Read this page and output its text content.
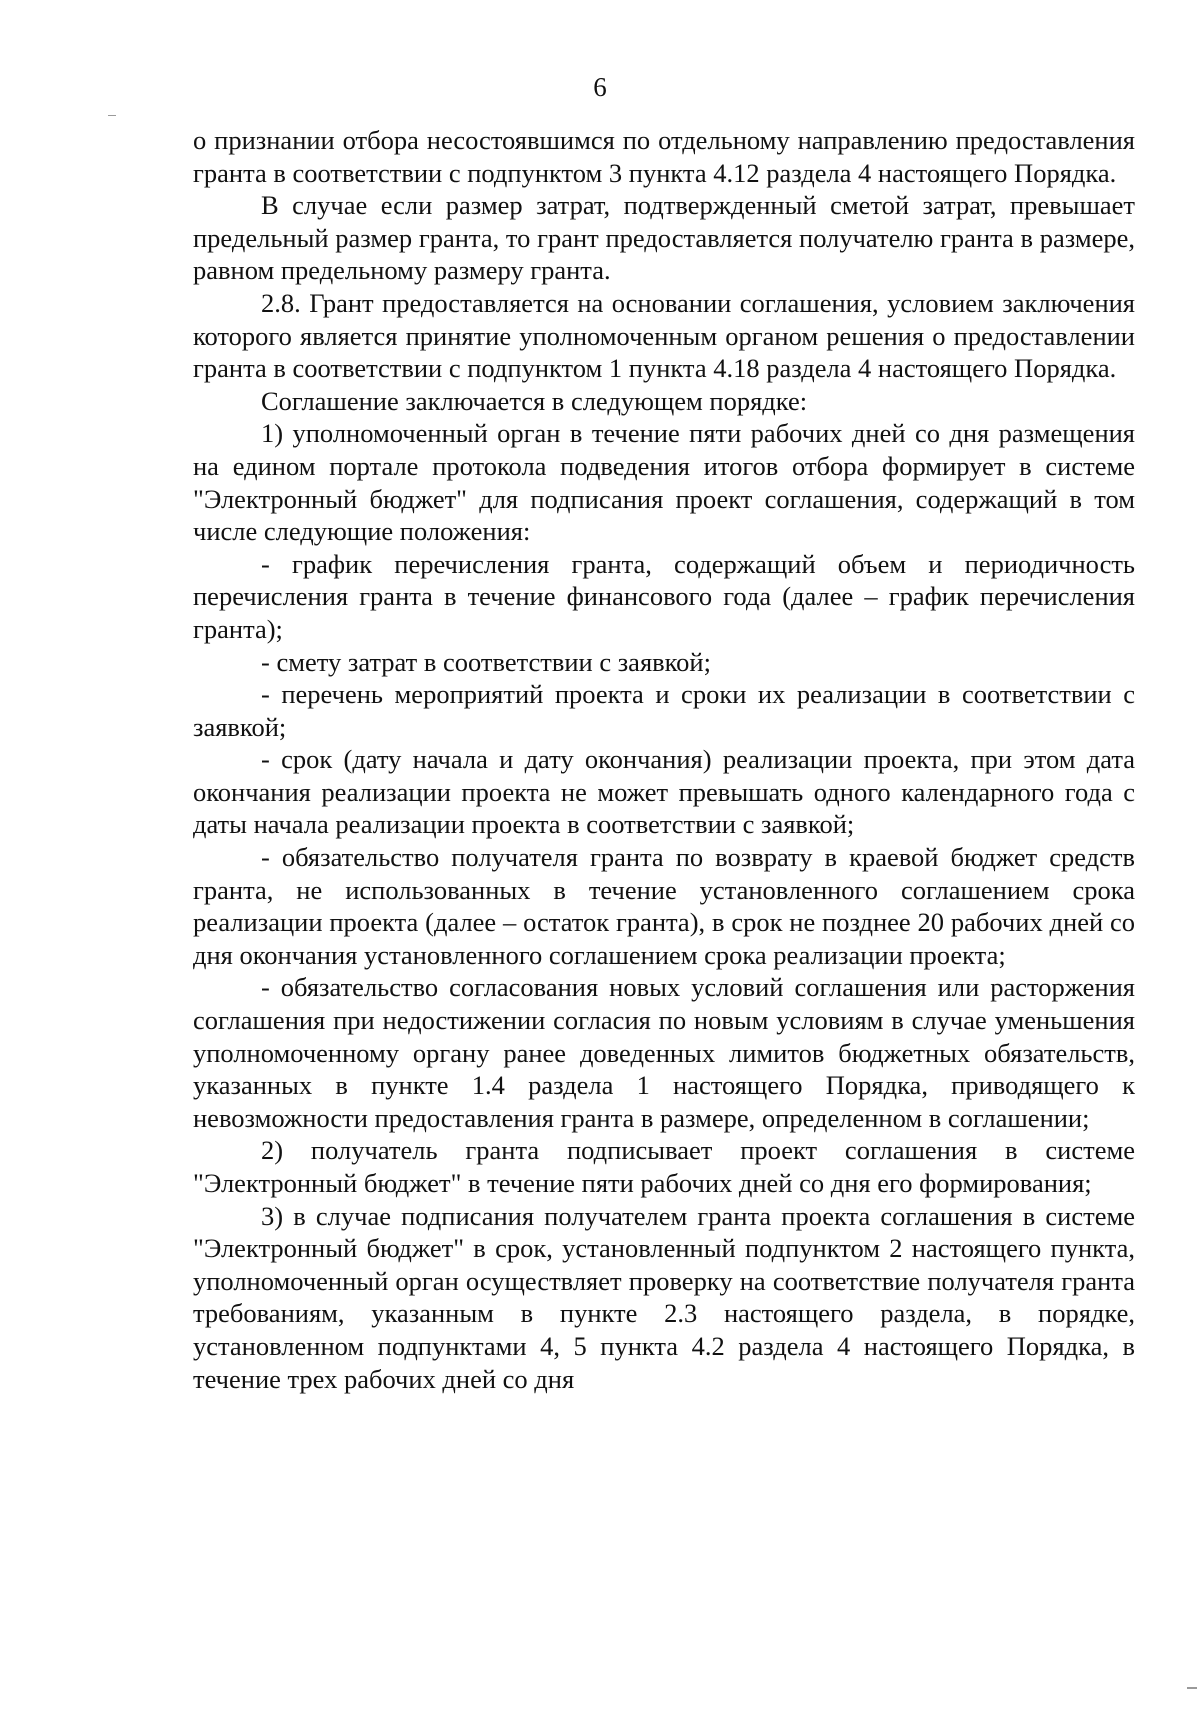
6

о признании отбора несостоявшимся по отдельному направлению предоставления гранта в соответствии с подпунктом 3 пункта 4.12 раздела 4 настоящего Порядка.

В случае если размер затрат, подтвержденный сметой затрат, превышает предельный размер гранта, то грант предоставляется получателю гранта в размере, равном предельному размеру гранта.

2.8. Грант предоставляется на основании соглашения, условием заключения которого является принятие уполномоченным органом решения о предоставлении гранта в соответствии с подпунктом 1 пункта 4.18 раздела 4 настоящего Порядка.

Соглашение заключается в следующем порядке:

1) уполномоченный орган в течение пяти рабочих дней со дня размещения на едином портале протокола подведения итогов отбора формирует в системе "Электронный бюджет" для подписания проект соглашения, содержащий в том числе следующие положения:

- график перечисления гранта, содержащий объем и периодичность перечисления гранта в течение финансового года (далее – график перечисления гранта);

- смету затрат в соответствии с заявкой;

- перечень мероприятий проекта и сроки их реализации в соответствии с заявкой;

- срок (дату начала и дату окончания) реализации проекта, при этом дата окончания реализации проекта не может превышать одного календарного года с даты начала реализации проекта в соответствии с заявкой;

- обязательство получателя гранта по возврату в краевой бюджет средств гранта, не использованных в течение установленного соглашением срока реализации проекта (далее – остаток гранта), в срок не позднее 20 рабочих дней со дня окончания установленного соглашением срока реализации проекта;

- обязательство согласования новых условий соглашения или расторжения соглашения при недостижении согласия по новым условиям в случае уменьшения уполномоченному органу ранее доведенных лимитов бюджетных обязательств, указанных в пункте 1.4 раздела 1 настоящего Порядка, приводящего к невозможности предоставления гранта в размере, определенном в соглашении;

2) получатель гранта подписывает проект соглашения в системе "Электронный бюджет" в течение пяти рабочих дней со дня его формирования;

3) в случае подписания получателем гранта проекта соглашения в системе "Электронный бюджет" в срок, установленный подпунктом 2 настоящего пункта, уполномоченный орган осуществляет проверку на соответствие получателя гранта требованиям, указанным в пункте 2.3 настоящего раздела, в порядке, установленном подпунктами 4, 5 пункта 4.2 раздела 4 настоящего Порядка, в течение трех рабочих дней со дня
